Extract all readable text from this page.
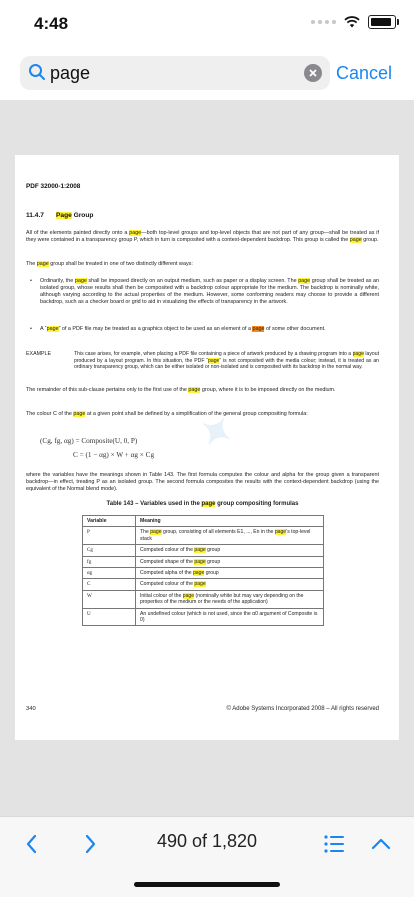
4:48
page
Cancel
✦
PDF 32000-1:2008
11.4.7 Page Group

All of the elements painted directly onto a page—both top-level groups and top-level objects that are not part of any group—shall be treated as if they were contained in a transparency group P, which in turn is composited with a context-dependent backdrop. This group is called the page group.

The page group shall be treated in one of two distinctly different ways:

• Ordinarily, the page shall be imposed directly on an output medium, such as paper or a display screen. The page group shall be treated as an isolated group, whose results shall then be composited with a backdrop colour appropriate for the medium. The backdrop is nominally white, although varying according to the actual properties of the medium. However, some conforming readers may choose to provide a different backdrop, such as a checker board or grid to aid in visualizing the effects of transparency in the artwork.
• A “page” of a PDF file may be treated as a graphics object to be used as an element of a page of some other document.
EXAMPLE	This case arises, for example, when placing a PDF file containing a piece of artwork produced by a drawing program into a page layout produced by a layout program. In this situation, the PDF “page” is not composited with the media colour; instead, it is treated as an ordinary transparency group, which can be either isolated or non-isolated and is composited with its backdrop in the normal way.

The remainder of this sub-clause pertains only to the first use of the page group, where it is to be imposed directly on the medium.

The colour C of the page at a given point shall be defined by a simplification of the general group compositing formula:

(Cg, fg, αg) = Composite(U, 0, P)
C = (1 − αg) × W + αg × Cg

where the variables have the meanings shown in Table 143. The first formula computes the colour and alpha for the group given a transparent backdrop—in effect, treating P as an isolated group. The second formula composites the results with the context-dependent backdrop (using the equivalent of the Normal blend mode).

Table 143 – Variables used in the page group compositing formulas
Variable	Meaning
P	The page group, consisting of all elements E1, ..., En in the page’s top-level stack
Cg	Computed colour of the page group
fg	Computed shape of the page group
αg	Computed alpha of the page group
C	Computed colour of the page
W	Initial colour of the page (nominally white but may vary depending on the properties of the medium or the needs of the application)
U	An undefined colour (which is not used, since the α0 argument of Composite is 0)
340	© Adobe Systems Incorporated 2008 – All rights reserved
490 of 1,820
